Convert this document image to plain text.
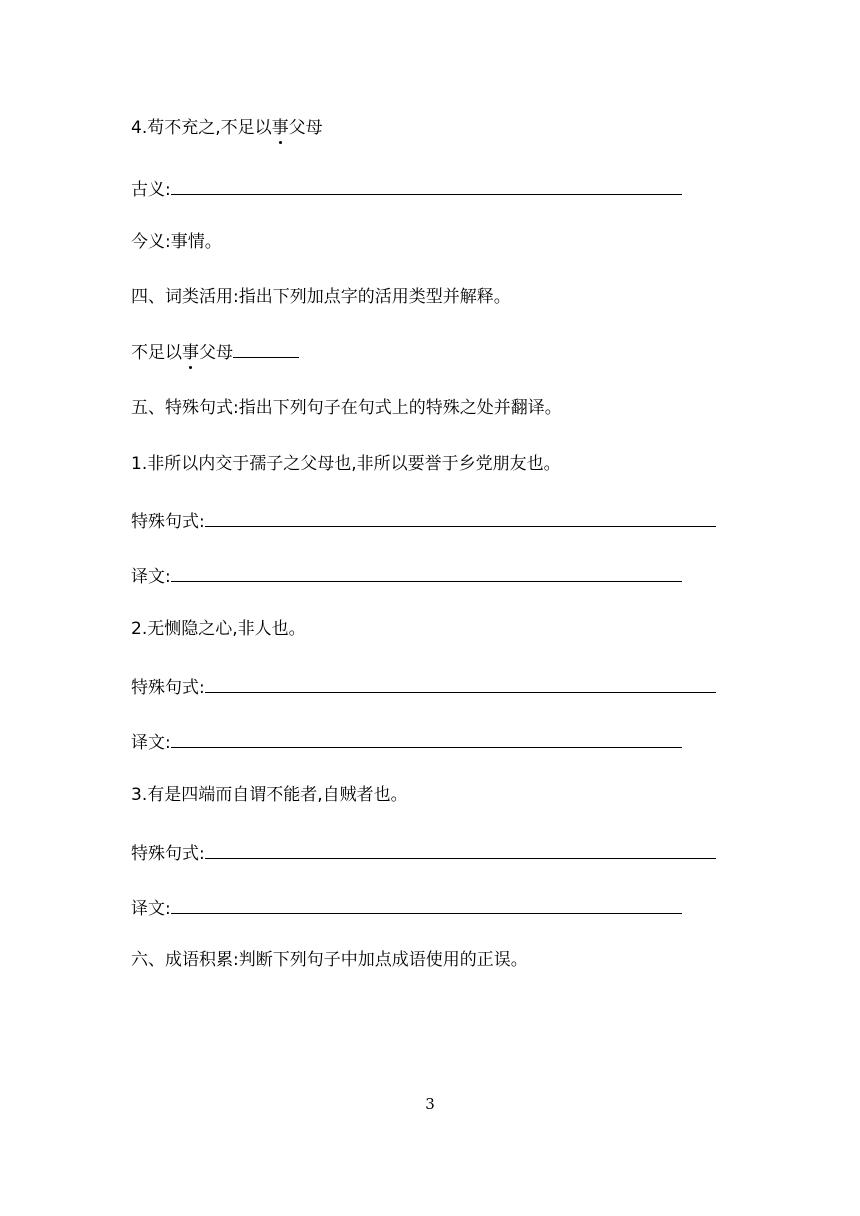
4.苟不充之,不足以事父母
古义:
今义:事情。
四、词类活用:指出下列加点字的活用类型并解释。
不足以事父母
五、特殊句式:指出下列句子在句式上的特殊之处并翻译。
1.非所以内交于孺子之父母也,非所以要誉于乡党朋友也。
特殊句式:
译文:
2.无恻隐之心,非人也。
特殊句式:
译文:
3.有是四端而自谓不能者,自贼者也。
特殊句式:
译文:
六、成语积累:判断下列句子中加点成语使用的正误。
3
